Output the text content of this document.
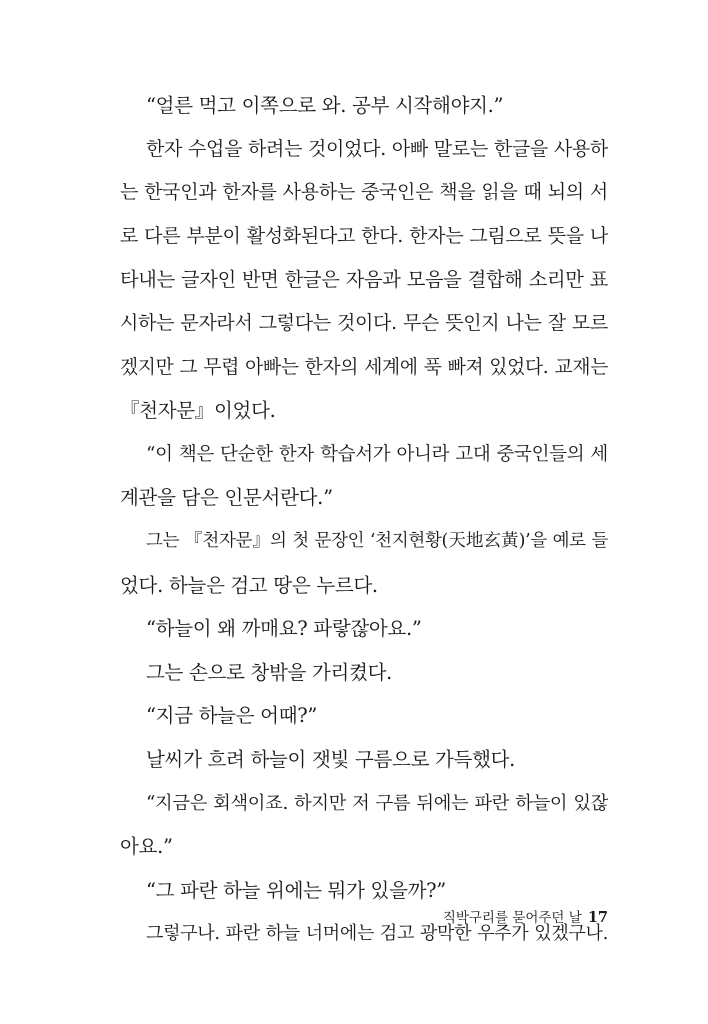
“얼른 먹고 이쪽으로 와. 공부 시작해야지.”
한자 수업을 하려는 것이었다. 아빠 말로는 한글을 사용하
는 한국인과 한자를 사용하는 중국인은 책을 읽을 때 뇌의 서
로 다른 부분이 활성화된다고 한다. 한자는 그림으로 뜻을 나
타내는 글자인 반면 한글은 자음과 모음을 결합해 소리만 표
시하는 문자라서 그렇다는 것이다. 무슨 뜻인지 나는 잘 모르
겠지만 그 무렵 아빠는 한자의 세계에 푹 빠져 있었다. 교재는
『천자문』이었다.
“이 책은 단순한 한자 학습서가 아니라 고대 중국인들의 세
계관을 담은 인문서란다.”
그는 『천자문』의 첫 문장인 ‘천지현황(天地玄黃)’을 예로 들
었다. 하늘은 검고 땅은 누르다.
“하늘이 왜 까매요? 파랗잖아요.”
그는 손으로 창밖을 가리켰다.
“지금 하늘은 어때?”
날씨가 흐려 하늘이 잿빛 구름으로 가득했다.
“지금은 회색이죠. 하지만 저 구름 뒤에는 파란 하늘이 있잖
아요.”
“그 파란 하늘 위에는 뭐가 있을까?”
그렇구나. 파란 하늘 너머에는 검고 광막한 우주가 있겠구나.
직박구리를 묻어주던 날 17
